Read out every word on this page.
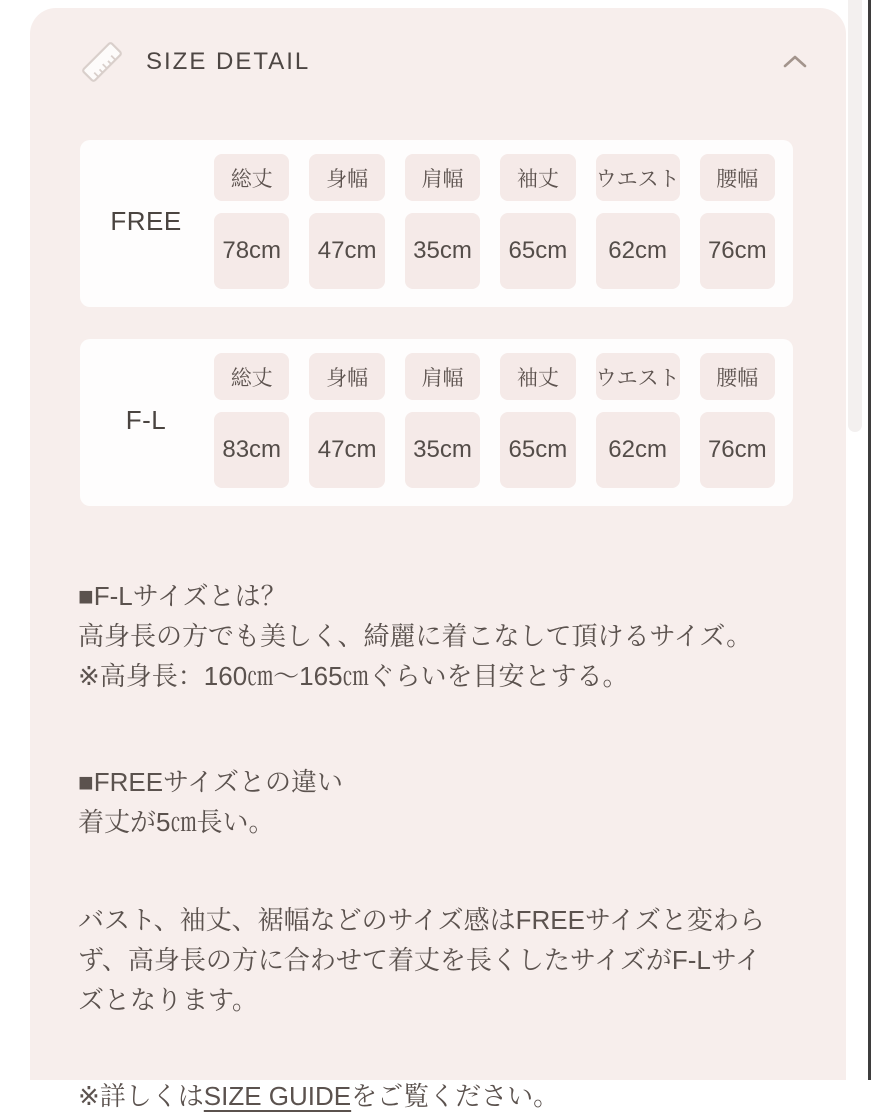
SIZE DETAIL
FREE
総丈	身幅	肩幅	袖丈	ウエスト	腰幅
78cm	47cm	35cm	65cm	62cm	76cm
F-L
総丈	身幅	肩幅	袖丈	ウエスト	腰幅
83cm	47cm	35cm	65cm	62cm	76cm
■F-Lサイズとは？
高身長の方でも美しく、綺麗に着こなして頂けるサイズ。
※高身長：160㎝〜165㎝ぐらいを目安とする。
■FREEサイズとの違い
着丈が5㎝長い。
バスト、袖丈、裾幅などのサイズ感はFREEサイズと変わらず、高身長の方に合わせて着丈を長くしたサイズがF-Lサイズとなります。
※詳しくはSIZE GUIDEをご覧ください。
